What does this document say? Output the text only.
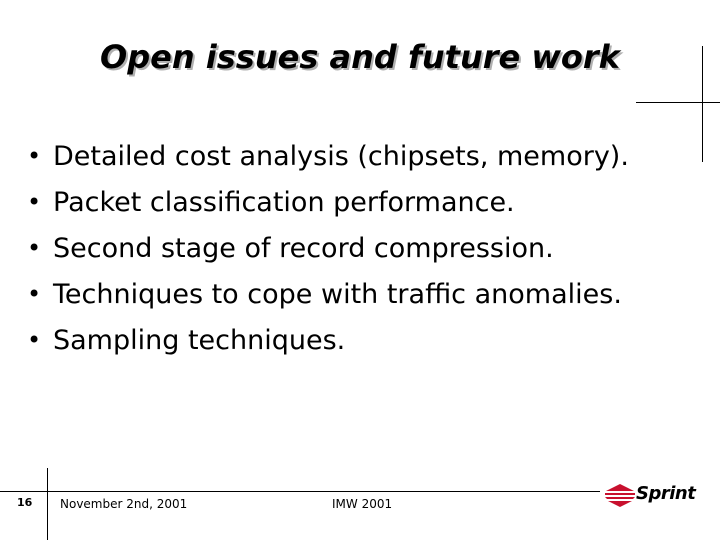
Open issues and future work
• Detailed cost analysis (chipsets, memory).
• Packet classification performance.
• Second stage of record compression.
• Techniques to cope with traffic anomalies.
• Sampling techniques.
16 November 2nd, 2001	IMW 2001	Sprint
